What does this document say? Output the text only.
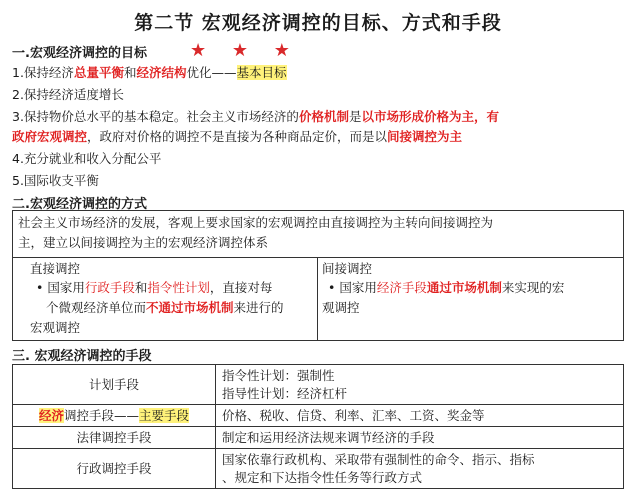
第二节 宏观经济调控的目标、方式和手段
一.宏观经济调控的目标 ★ ★ ★
1.保持经济总量平衡和经济结构优化——基本目标
2.保持经济适度增长
3.保持物价总水平的基本稳定。社会主义市场经济的价格机制是以市场形成价格为主，有
政府宏观调控，政府对价格的调控不是直接为各种商品定价，而是以间接调控为主
4.充分就业和收入分配公平
5.国际收支平衡
二.宏观经济调控的方式
社会主义市场经济的发展，客观上要求国家的宏观调控由直接调控为主转向间接调控为
主，建立以间接调控为主的宏观经济调控体系
直接调控
• 国家用行政手段和指令性计划，直接对每
个微观经济单位而不通过市场机制来进行的
宏观调控
间接调控
• 国家用经济手段通过市场机制来实现的宏
观调控
三. 宏观经济调控的手段
计划手段	指令性计划：强制性
指导性计划：经济杠杆

经济调控手段——主要手段	价格、税收、信贷、利率、汇率、工资、奖金等
法律调控手段	制定和运用经济法规来调节经济的手段
行政调控手段	国家依靠行政机构、采取带有强制性的命令、指示、指标
、规定和下达指令性任务等行政方式
